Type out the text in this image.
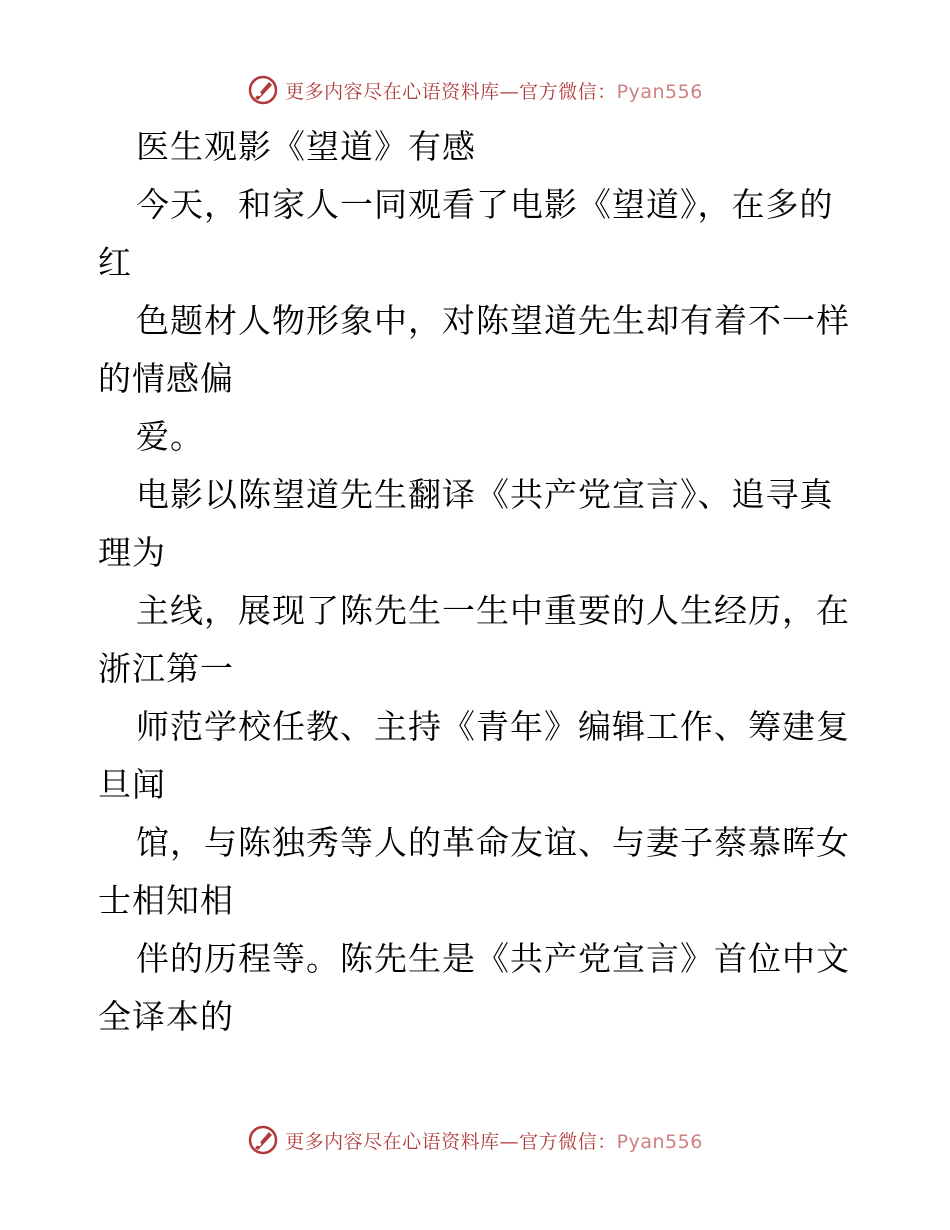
更多内容尽在心语资料库—官方微信：Pyan556
医生观影《望道》有感
今天，和家人一同观看了电影《望道》，在多的
红
色题材人物形象中，对陈望道先生却有着不一样
的情感偏
爱。
电影以陈望道先生翻译《共产党宣言》、追寻真
理为
主线，展现了陈先生一生中重要的人生经历，在
浙江第一
师范学校任教、主持《青年》编辑工作、筹建复
旦闻
馆，与陈独秀等人的革命友谊、与妻子蔡慕晖女
士相知相
伴的历程等。陈先生是《共产党宣言》首位中文
全译本的
更多内容尽在心语资料库—官方微信：Pyan556
